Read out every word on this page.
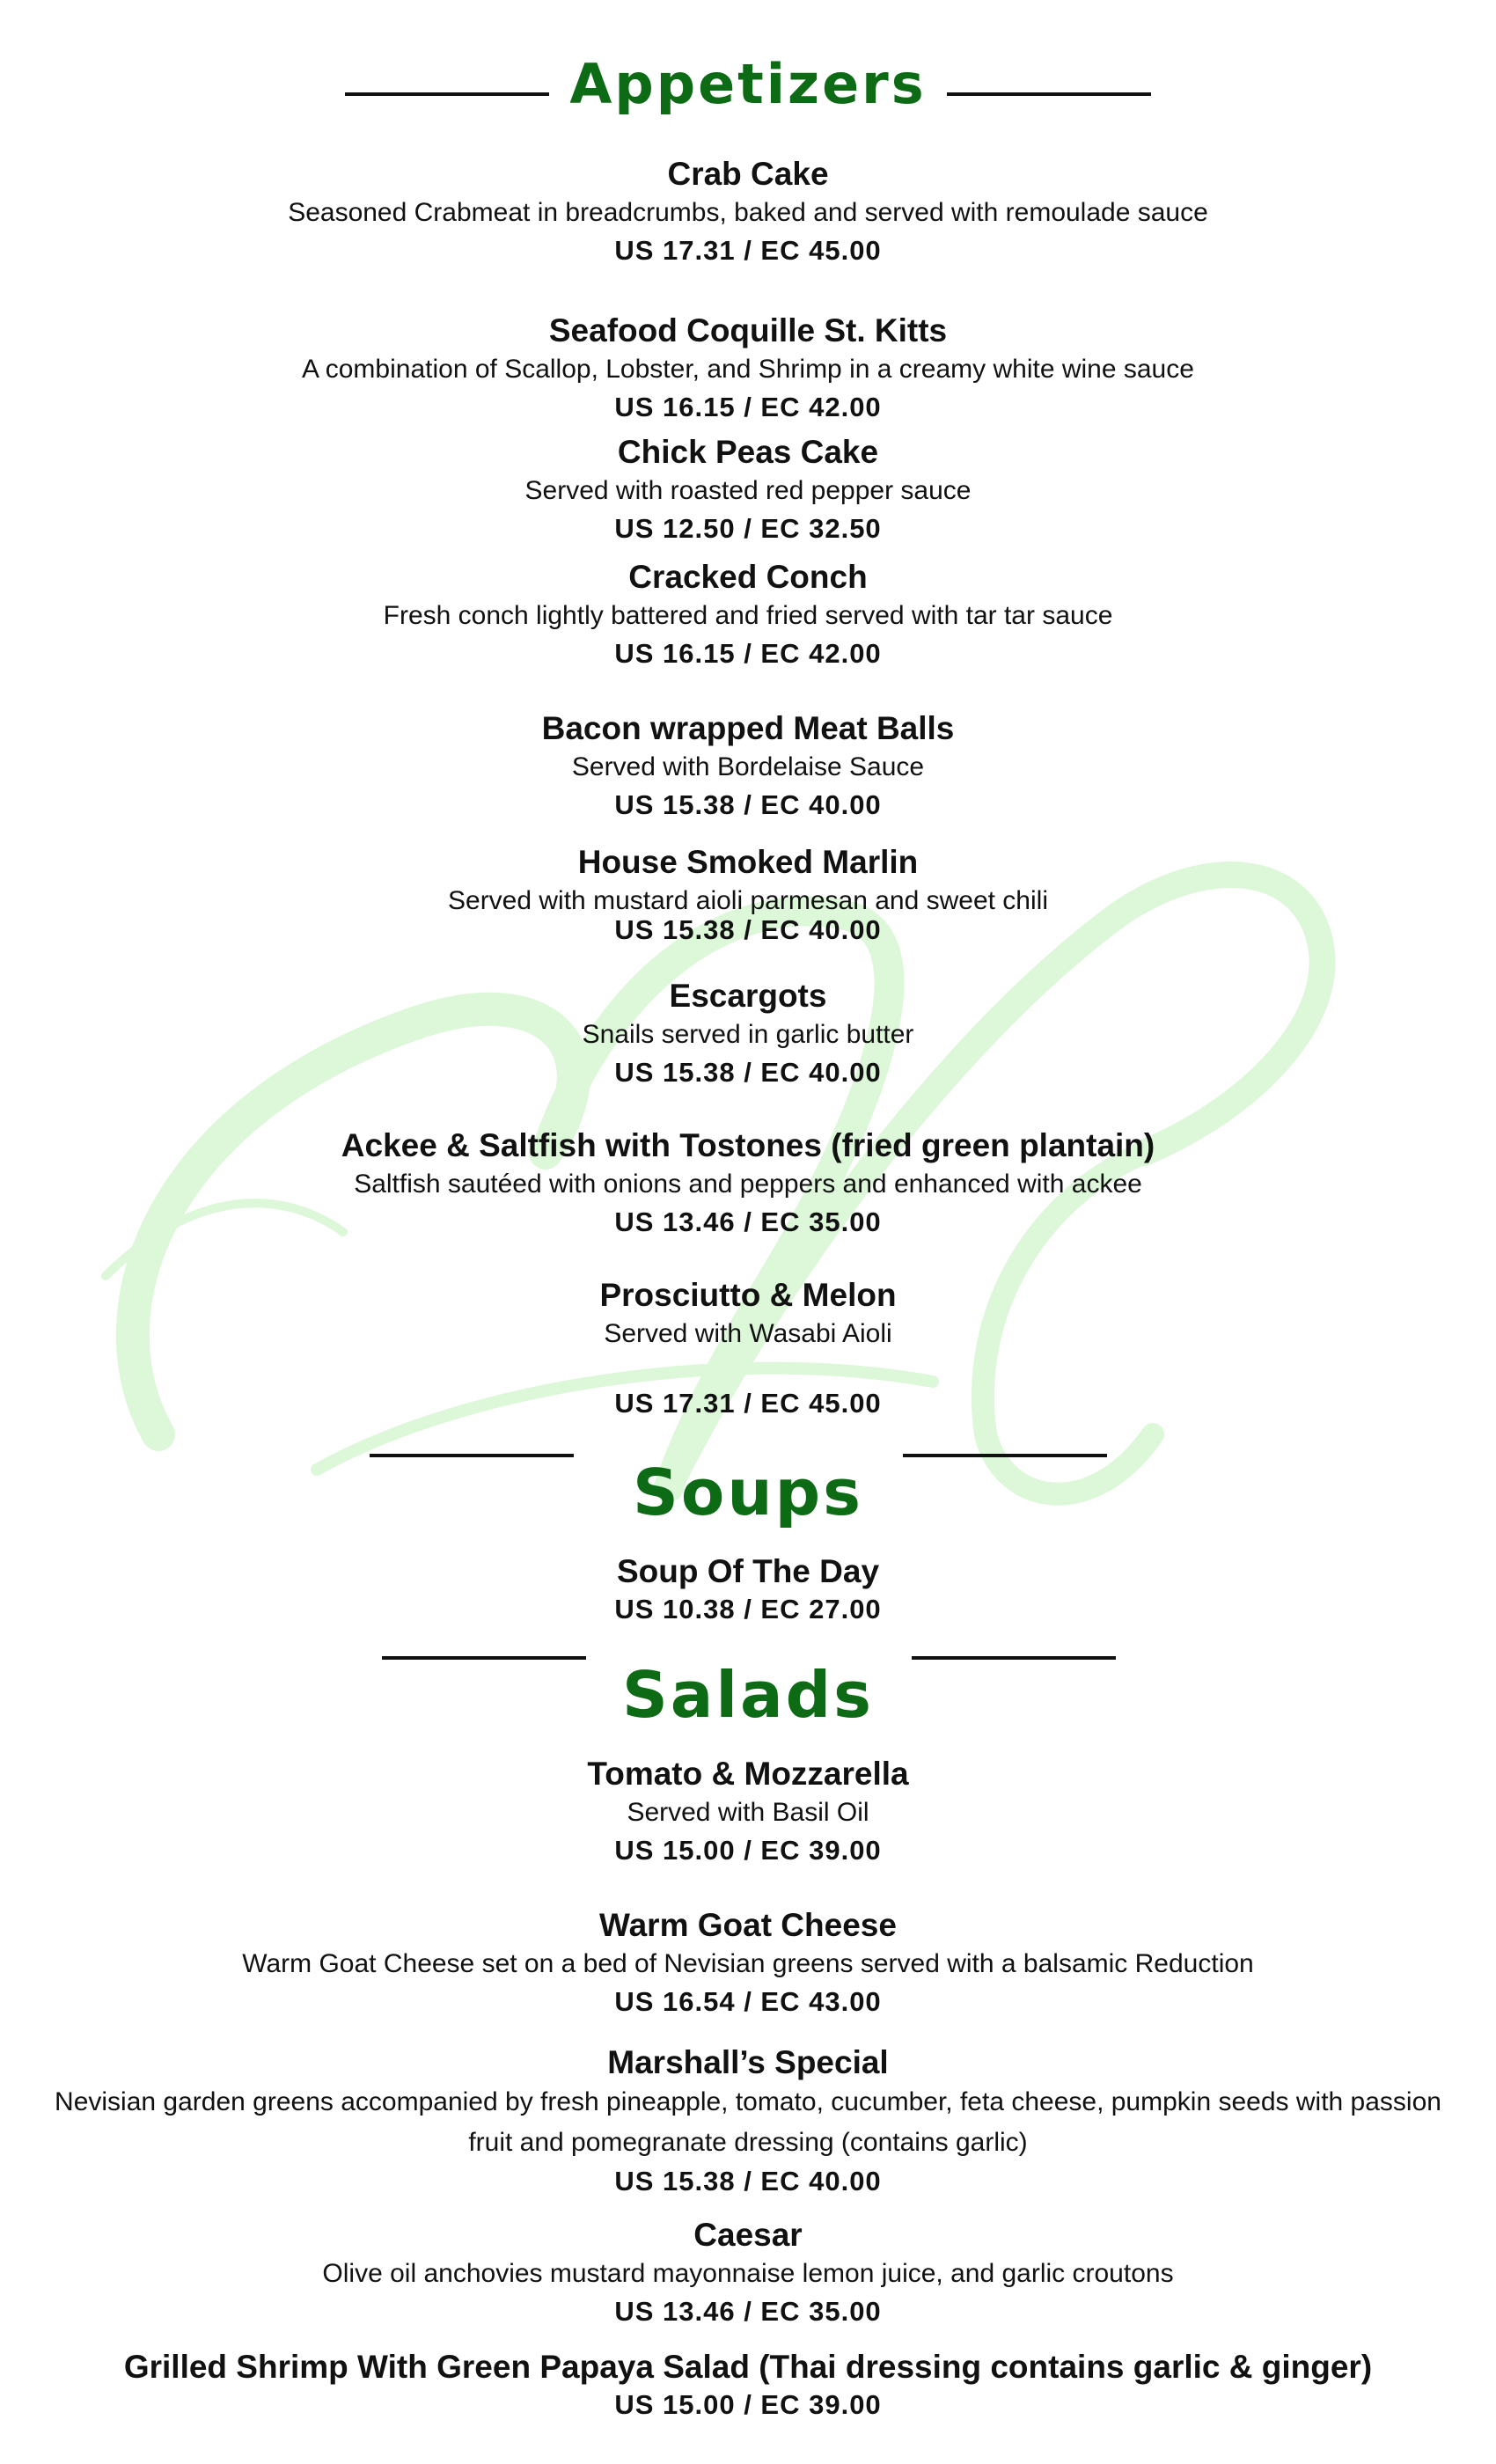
Appetizers
Crab Cake
Seasoned Crabmeat in breadcrumbs, baked and served with remoulade sauce
US 17.31 / EC 45.00
Seafood Coquille St. Kitts
A combination of Scallop, Lobster, and Shrimp in a creamy white wine sauce
US 16.15 / EC 42.00
Chick Peas Cake
Served with roasted red pepper sauce
US 12.50 / EC 32.50
Cracked Conch
Fresh conch lightly battered and fried served with tar tar sauce
US 16.15 / EC 42.00
Bacon wrapped Meat Balls
Served with Bordelaise Sauce
US 15.38 / EC 40.00
House Smoked Marlin
Served with mustard aioli parmesan and sweet chili
US 15.38 / EC 40.00
Escargots
Snails served in garlic butter
US 15.38 / EC 40.00
Ackee & Saltfish with Tostones (fried green plantain)
Saltfish sautéed with onions and peppers and enhanced with ackee
US 13.46 / EC 35.00
Prosciutto & Melon
Served with Wasabi Aioli
US 17.31 / EC 45.00
Soups
Soup Of The Day
US 10.38 / EC 27.00
Salads
Tomato & Mozzarella
Served with Basil Oil
US 15.00 / EC 39.00
Warm Goat Cheese
Warm Goat Cheese set on a bed of Nevisian greens served with a balsamic Reduction
US 16.54 / EC 43.00
Marshall’s Special
Nevisian garden greens accompanied by fresh pineapple, tomato, cucumber, feta cheese, pumpkin seeds with passion fruit and pomegranate dressing (contains garlic)
US 15.38 / EC 40.00
Caesar
Olive oil anchovies mustard mayonnaise lemon juice, and garlic croutons
US 13.46 / EC 35.00
Grilled Shrimp With Green Papaya Salad (Thai dressing contains garlic & ginger)
US 15.00 / EC 39.00
